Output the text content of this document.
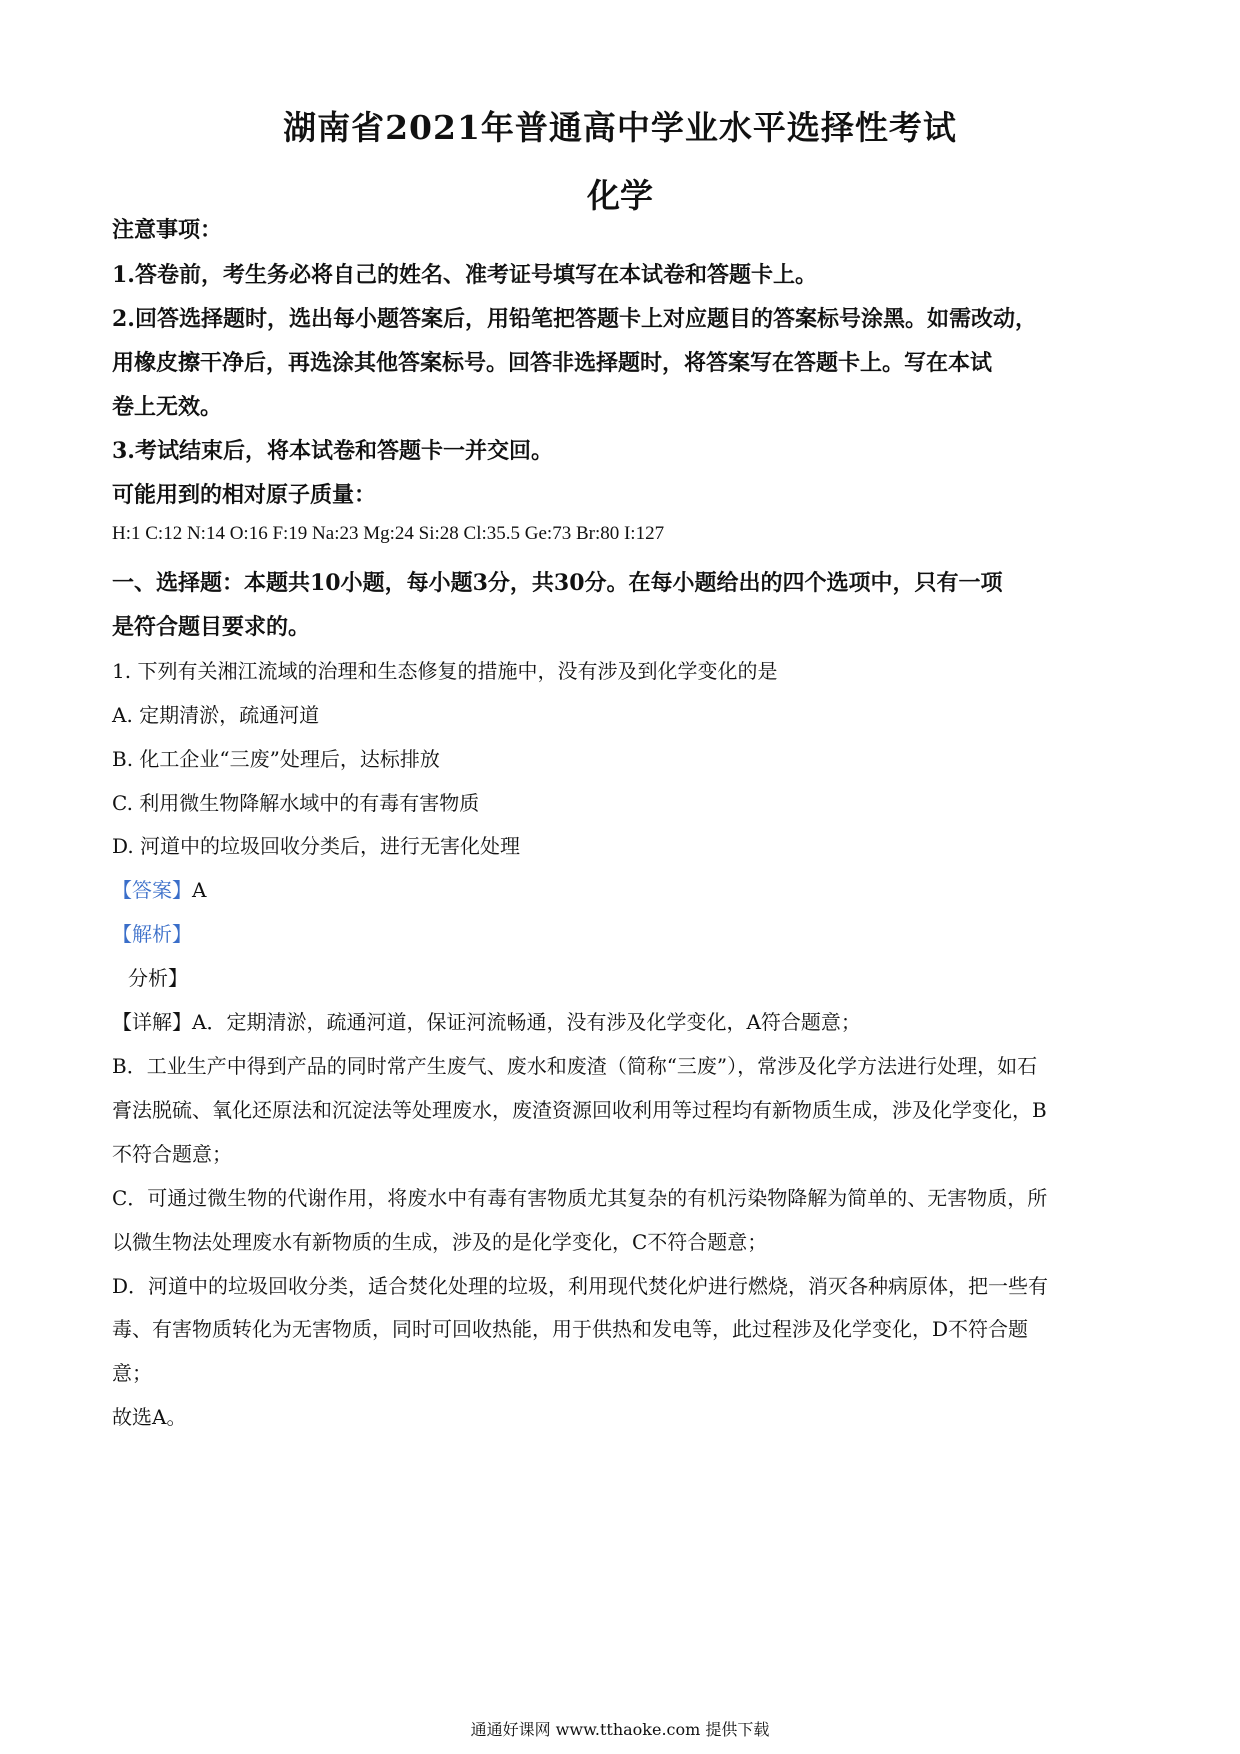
湖南省2021年普通高中学业水平选择性考试
化学
注意事项：
1.答卷前，考生务必将自己的姓名、准考证号填写在本试卷和答题卡上。
2.回答选择题时，选出每小题答案后，用铅笔把答题卡上对应题目的答案标号涂黑。如需改动，
用橡皮擦干净后，再选涂其他答案标号。回答非选择题时，将答案写在答题卡上。写在本试
卷上无效。
3.考试结束后，将本试卷和答题卡一并交回。
可能用到的相对原子质量：
H:1 C:12 N:14 O:16 F:19 Na:23 Mg:24 Si:28 Cl:35.5 Ge:73 Br:80 I:127
一、选择题：本题共10小题，每小题3分，共30分。在每小题给出的四个选项中，只有一项
是符合题目要求的。
1. 下列有关湘江流域的治理和生态修复的措施中，没有涉及到化学变化的是
A. 定期清淤，疏通河道
B. 化工企业“三废”处理后，达标排放
C. 利用微生物降解水域中的有毒有害物质
D. 河道中的垃圾回收分类后，进行无害化处理
【答案】A
【解析】
分析】
【详解】A．定期清淤，疏通河道，保证河流畅通，没有涉及化学变化，A符合题意；
B．工业生产中得到产品的同时常产生废气、废水和废渣（简称“三废”），常涉及化学方法进行处理，如石
膏法脱硫、氧化还原法和沉淀法等处理废水，废渣资源回收利用等过程均有新物质生成，涉及化学变化，B
不符合题意；
C．可通过微生物的代谢作用，将废水中有毒有害物质尤其复杂的有机污染物降解为简单的、无害物质，所
以微生物法处理废水有新物质的生成，涉及的是化学变化，C不符合题意；
D．河道中的垃圾回收分类，适合焚化处理的垃圾，利用现代焚化炉进行燃烧，消灭各种病原体，把一些有
毒、有害物质转化为无害物质，同时可回收热能，用于供热和发电等，此过程涉及化学变化，D不符合题
意；
故选A。
通通好课网 www.tthaoke.com 提供下载
